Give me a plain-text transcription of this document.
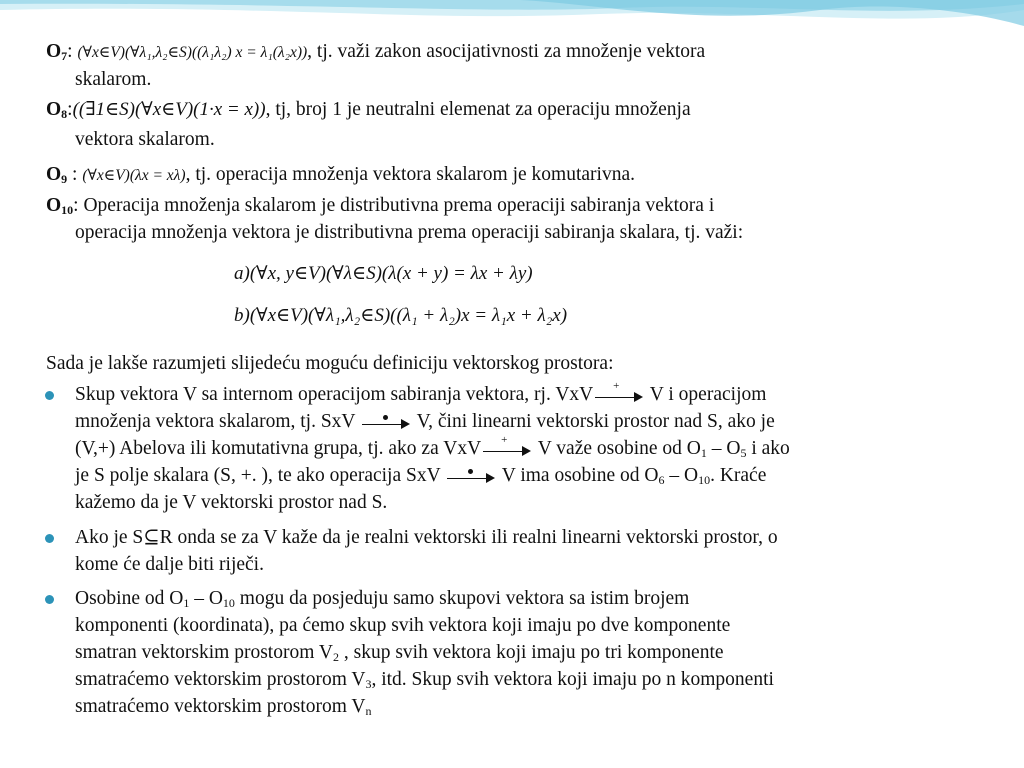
$O_7$: (∀x∈V)(∀λ₁,λ₂∈S)((λ₁λ₂) x = λ₁(λ₂x)), tj. važi zakon asocijativnosti za množenje vektora
skalarom.
$O_8:((\exists 1\in S)(\forall x\in V)(1\cdot x = x))$, tj, broj 1 je neutralni elemenat za operaciju množenja
vektora skalarom.
$O_9$ : (∀x∈V)(λx = xλ), tj. operacija množenja vektora skalarom je komutarivna.
$O_{10}$: Operacija množenja skalarom je distributivna prema operaciji sabiranja vektora i
operacija množenja vektora je distributivna prema operaciji sabiranja skalara, tj. važi:
a)(∀x, y∈V)(∀λ∈S)(λ(x + y) = λx + λy)
b)(∀x∈V)(∀λ₁,λ₂∈S)((λ₁ + λ₂)x = λ₁x + λ₂x)
Sada je lakše razumjeti slijedeću moguću definiciju vektorskog prostora:
Skup vektora V sa internom operacijom sabiranja vektora, rj. VxV	+	V i operacijom
množenja vektora skalarom, tj. SxV	V, čini linearni vektorski prostor nad S, ako je
(V,+) Abelova ili komutativna grupa, tj. ako za VxV	+	V važe osobine od $O_1 - O_5$ i ako
je S polje skalara (S, +. ), te ako operacija SxV	V ima osobine od $O_6 - O_{10}$. Kraće
kažemo da je V vektorski prostor nad S.
Ako je S⊆R onda se za V kaže da je realni vektorski ili realni linearni vektorski prostor, o
kome će dalje biti riječi.
Osobine od $O_1 - O_{10}$ mogu da posjeduju samo skupovi vektora sa istim brojem
komponenti (koordinata), pa ćemo skup svih vektora koji imaju po dve komponente
smatran vektorskim prostorom $V_2$ , skup svih vektora koji imaju po tri komponente
smatraćemo vektorskim prostorom $V_3$, itd. Skup svih vektora koji imaju po n komponenti
smatraćemo vektorskim prostorom $V_n$
